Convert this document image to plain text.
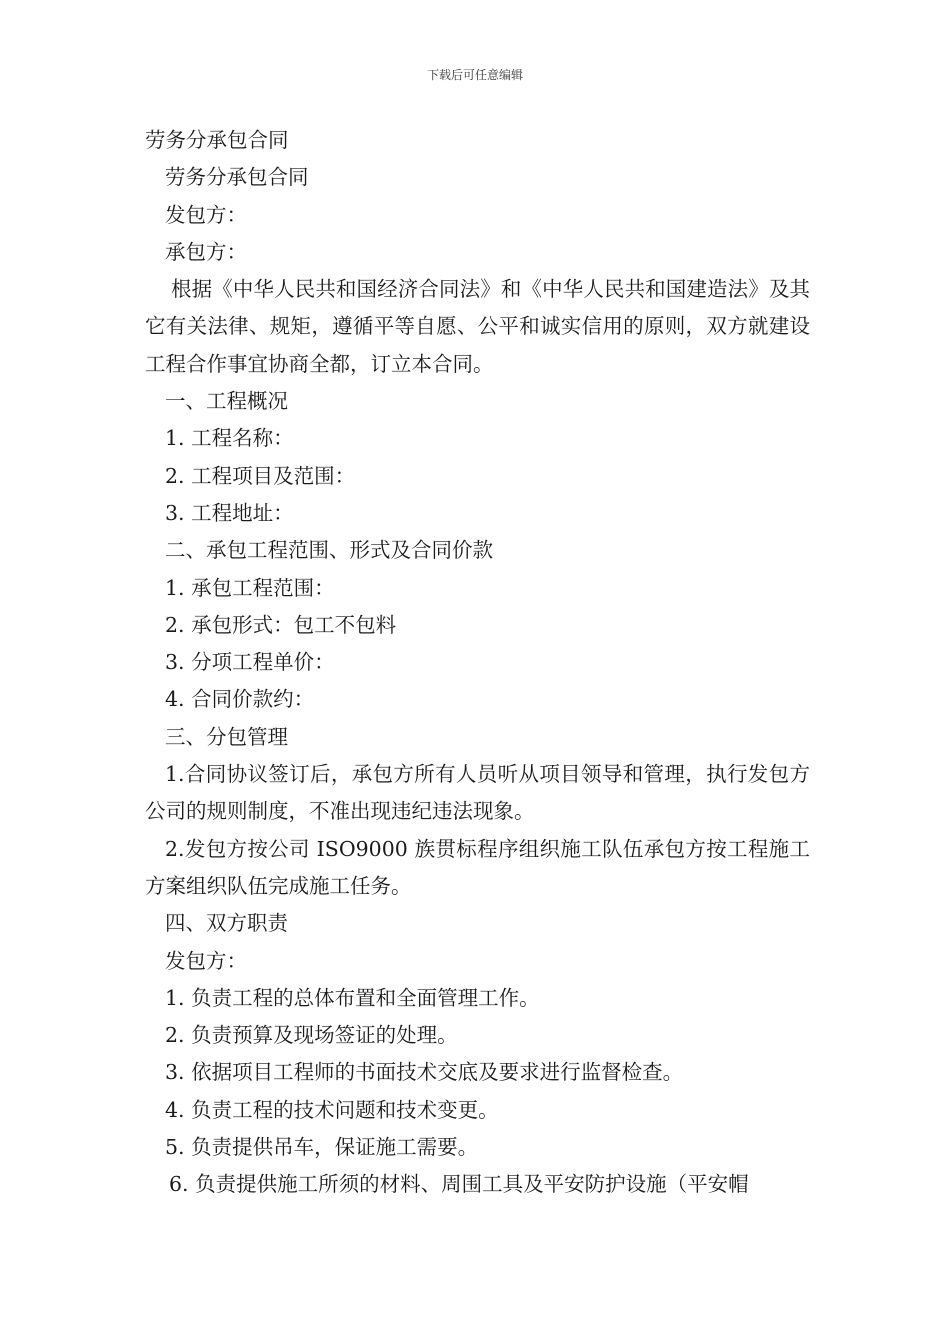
下载后可任意编辑
劳务分承包合同
劳务分承包合同
发包方：
承包方：
根据《中华人民共和国经济合同法》和《中华人民共和国建造法》及其它有关法律、规矩，遵循平等自愿、公平和诚实信用的原则，双方就建设工程合作事宜协商全都，订立本合同。
一、工程概况
1. 工程名称：
2. 工程项目及范围：
3. 工程地址：
二、承包工程范围、形式及合同价款
1. 承包工程范围：
2. 承包形式：包工不包料
3. 分项工程单价：
4. 合同价款约：
三、分包管理
1.合同协议签订后，承包方所有人员听从项目领导和管理，执行发包方公司的规则制度，不准出现违纪违法现象。
2.发包方按公司 ISO9000 族贯标程序组织施工队伍承包方按工程施工方案组织队伍完成施工任务。
四、双方职责
发包方：
1. 负责工程的总体布置和全面管理工作。
2. 负责预算及现场签证的处理。
3. 依据项目工程师的书面技术交底及要求进行监督检查。
4. 负责工程的技术问题和技术变更。
5. 负责提供吊车，保证施工需要。
6. 负责提供施工所须的材料、周围工具及平安防护设施（平安帽
